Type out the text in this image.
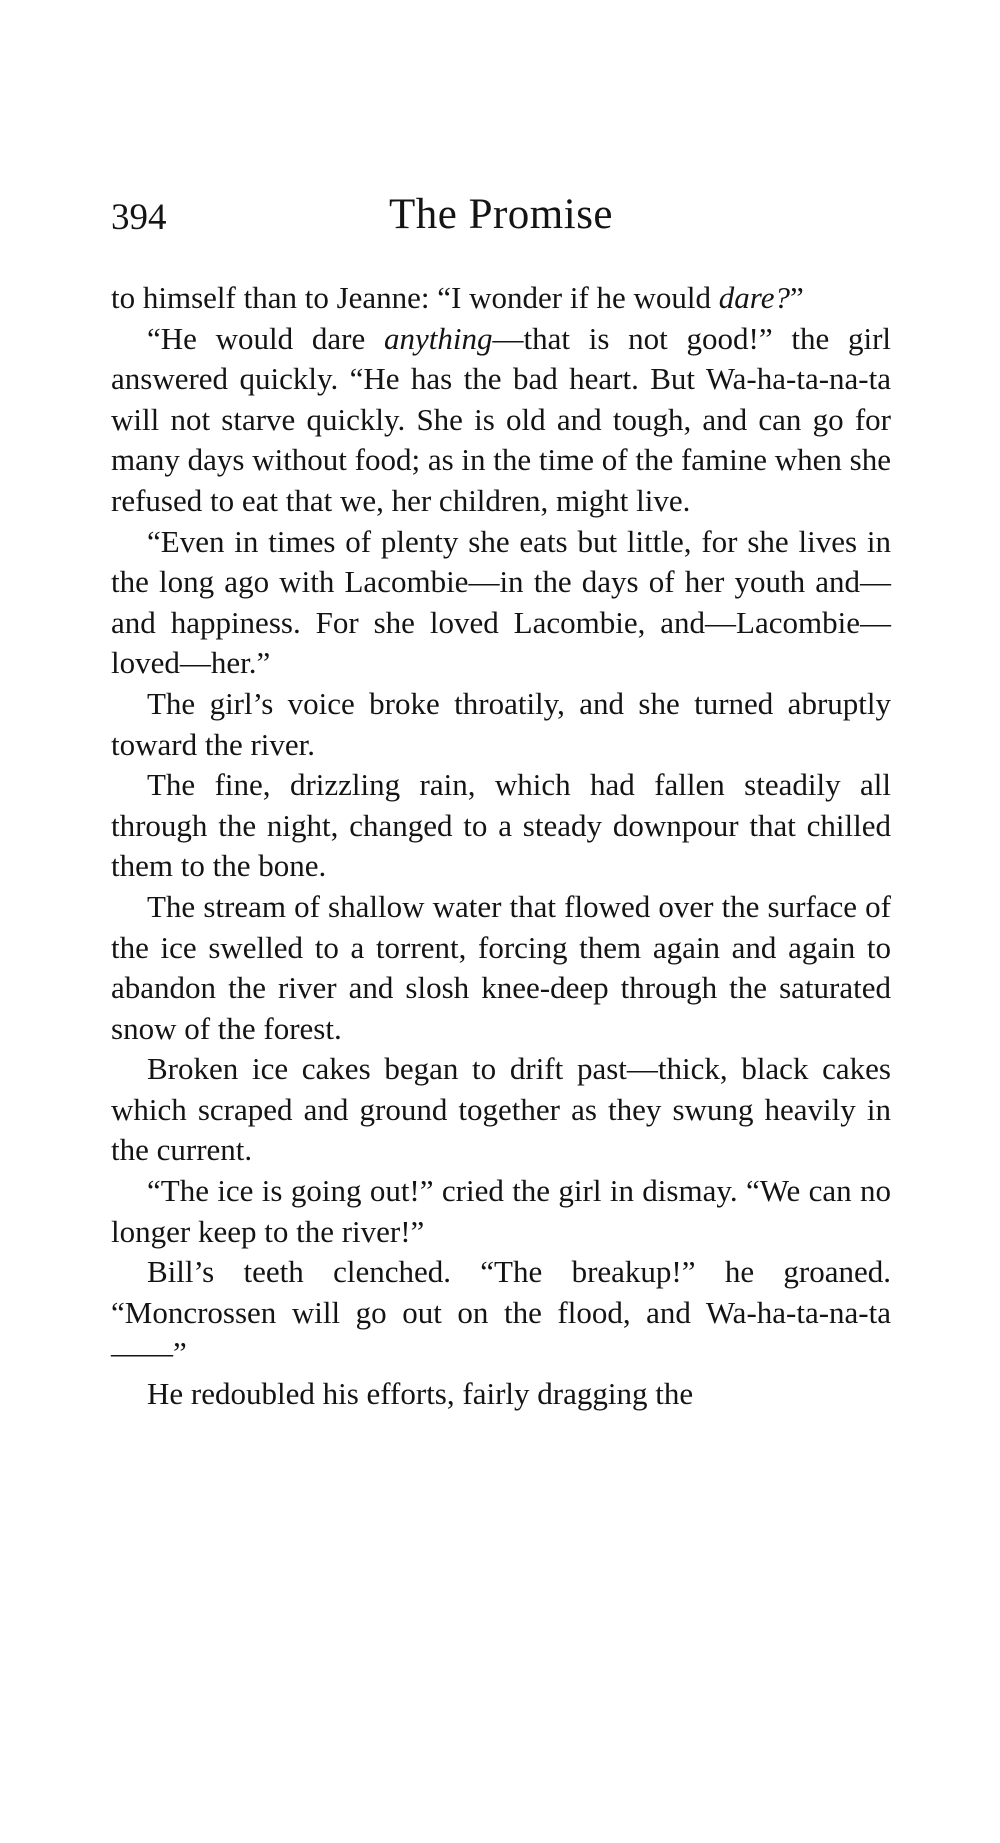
394	The Promise

to himself than to Jeanne: “I wonder if he would dare?”

“He would dare anything—that is not good!” the girl answered quickly. “He has the bad heart. But Wa-ha-ta-na-ta will not starve quickly. She is old and tough, and can go for many days without food; as in the time of the famine when she refused to eat that we, her children, might live.

“Even in times of plenty she eats but little, for she lives in the long ago with Lacombie—in the days of her youth and—and happiness. For she loved Lacombie, and—Lacombie—loved—her.”

The girl’s voice broke throatily, and she turned abruptly toward the river.

The fine, drizzling rain, which had fallen steadily all through the night, changed to a steady downpour that chilled them to the bone.

The stream of shallow water that flowed over the surface of the ice swelled to a torrent, forcing them again and again to abandon the river and slosh knee-deep through the saturated snow of the forest.

Broken ice cakes began to drift past—thick, black cakes which scraped and ground together as they swung heavily in the current.

“The ice is going out!” cried the girl in dismay. “We can no longer keep to the river!”

Bill’s teeth clenched. “The breakup!” he groaned. “Moncrossen will go out on the flood, and Wa-ha-ta-na-ta——”

He redoubled his efforts, fairly dragging the
